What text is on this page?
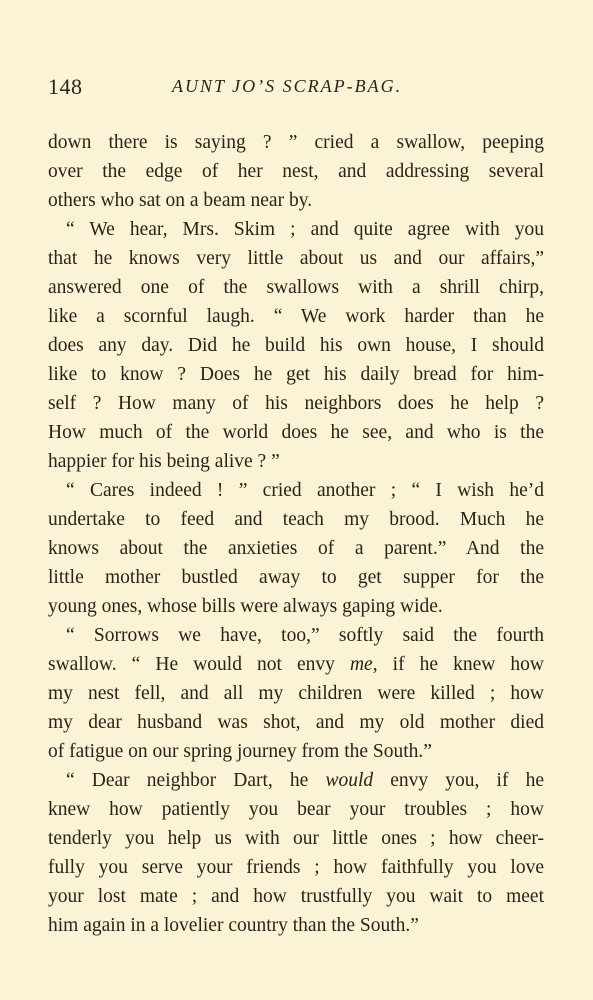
148	AUNT JO’S SCRAP-BAG.

down there is saying ? ” cried a swallow, peeping

over the edge of her nest, and addressing several

others who sat on a beam near by.

“ We hear, Mrs. Skim ; and quite agree with you

that he knows very little about us and our affairs,”

answered one of the swallows with a shrill chirp,

like a scornful laugh. “ We work harder than he

does any day. Did he build his own house, I should

like to know ? Does he get his daily bread for him-

self ? How many of his neighbors does he help ?

How much of the world does he see, and who is the

happier for his being alive ? ”

“ Cares indeed ! ” cried another ; “ I wish he’d

undertake to feed and teach my brood. Much he

knows about the anxieties of a parent.” And the

little mother bustled away to get supper for the

young ones, whose bills were always gaping wide.

“ Sorrows we have, too,” softly said the fourth

swallow. “ He would not envy me, if he knew how

my nest fell, and all my children were killed ; how

my dear husband was shot, and my old mother died

of fatigue on our spring journey from the South.”

“ Dear neighbor Dart, he would envy you, if he

knew how patiently you bear your troubles ; how

tenderly you help us with our little ones ; how cheer-

fully you serve your friends ; how faithfully you love

your lost mate ; and how trustfully you wait to meet

him again in a lovelier country than the South.”
